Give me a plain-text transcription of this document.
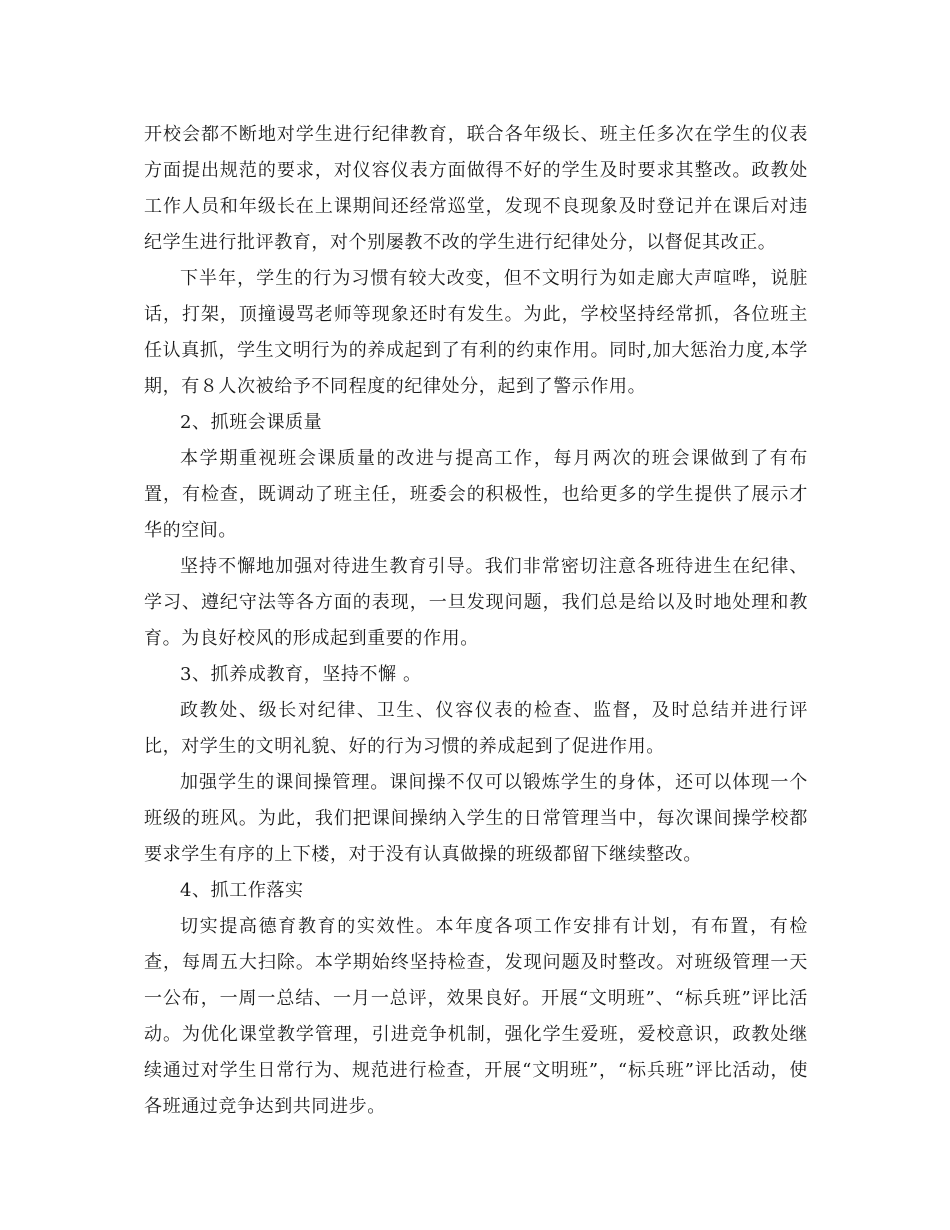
开校会都不断地对学生进行纪律教育，联合各年级长、班主任多次在学生的仪表方面提出规范的要求，对仪容仪表方面做得不好的学生及时要求其整改。政教处工作人员和年级长在上课期间还经常巡堂，发现不良现象及时登记并在课后对违纪学生进行批评教育，对个别屡教不改的学生进行纪律处分，以督促其改正。

下半年，学生的行为习惯有较大改变，但不文明行为如走廊大声喧哗，说脏话，打架，顶撞谩骂老师等现象还时有发生。为此，学校坚持经常抓，各位班主任认真抓，学生文明行为的养成起到了有利的约束作用。同时,加大惩治力度,本学期，有８人次被给予不同程度的纪律处分，起到了警示作用。

2、抓班会课质量

本学期重视班会课质量的改进与提高工作，每月两次的班会课做到了有布置，有检查，既调动了班主任，班委会的积极性，也给更多的学生提供了展示才华的空间。

坚持不懈地加强对待进生教育引导。我们非常密切注意各班待进生在纪律、学习、遵纪守法等各方面的表现，一旦发现问题，我们总是给以及时地处理和教育。为良好校风的形成起到重要的作用。

3、抓养成教育，坚持不懈 。

政教处、级长对纪律、卫生、仪容仪表的检查、监督，及时总结并进行评比，对学生的文明礼貌、好的行为习惯的养成起到了促进作用。

加强学生的课间操管理。课间操不仅可以锻炼学生的身体，还可以体现一个班级的班风。为此，我们把课间操纳入学生的日常管理当中，每次课间操学校都要求学生有序的上下楼，对于没有认真做操的班级都留下继续整改。

4、抓工作落实

切实提高德育教育的实效性。本年度各项工作安排有计划，有布置，有检查，每周五大扫除。本学期始终坚持检查，发现问题及时整改。对班级管理一天一公布，一周一总结、一月一总评，效果良好。开展“文明班”、“标兵班”评比活动。为优化课堂教学管理，引进竞争机制，强化学生爱班，爱校意识，政教处继续通过对学生日常行为、规范进行检查，开展“文明班”，“标兵班”评比活动，使各班通过竞争达到共同进步。
